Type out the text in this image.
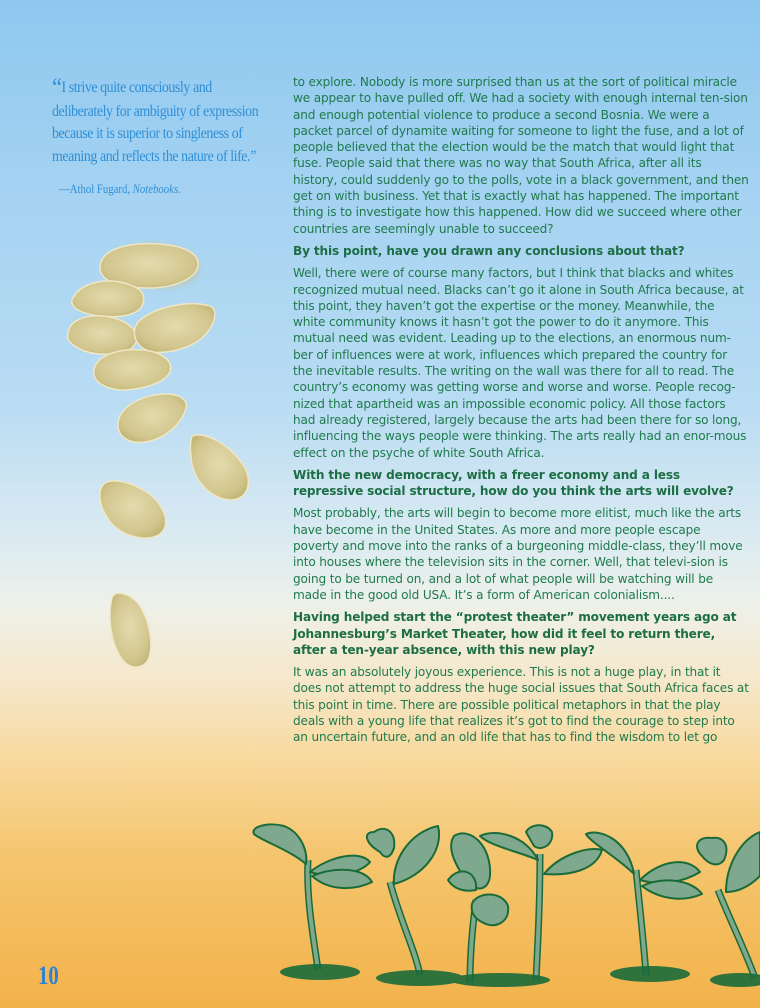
“I strive quite consciously and deliberately for ambiguity of expression because it is superior to singleness of meaning and reflects the nature of life.”
—Athol Fugard, Notebooks.

to explore. Nobody is more surprised than us at the sort of political miracle we appear to have pulled off. We had a society with enough internal ten-sion and enough potential violence to produce a second Bosnia. We were a packet parcel of dynamite waiting for someone to light the fuse, and a lot of people believed that the election would be the match that would light that fuse. People said that there was no way that South Africa, after all its history, could suddenly go to the polls, vote in a black government, and then get on with business. Yet that is exactly what has happened. The important thing is to investigate how this happened. How did we succeed where other countries are seemingly unable to succeed?

By this point, have you drawn any conclusions about that?

Well, there were of course many factors, but I think that blacks and whites recognized mutual need. Blacks can’t go it alone in South Africa because, at this point, they haven’t got the expertise or the money. Meanwhile, the white community knows it hasn’t got the power to do it anymore. This mutual need was evident. Leading up to the elections, an enormous num-ber of influences were at work, influences which prepared the country for the inevitable results. The writing on the wall was there for all to read. The country’s economy was getting worse and worse and worse. People recog-nized that apartheid was an impossible economic policy. All those factors had already registered, largely because the arts had been there for so long, influencing the ways people were thinking. The arts really had an enor-mous effect on the psyche of white South Africa.

With the new democracy, with a freer economy and a less repressive social structure, how do you think the arts will evolve?

Most probably, the arts will begin to become more elitist, much like the arts have become in the United States. As more and more people escape poverty and move into the ranks of a burgeoning middle-class, they’ll move into houses where the television sits in the corner. Well, that televi-sion is going to be turned on, and a lot of what people will be watching will be made in the good old USA. It’s a form of American colonialism....

Having helped start the “protest theater” movement years ago at Johannesburg’s Market Theater, how did it feel to return there, after a ten-year absence, with this new play?

It was an absolutely joyous experience. This is not a huge play, in that it does not attempt to address the huge social issues that South Africa faces at this point in time. There are possible political metaphors in that the play deals with a young life that realizes it’s got to find the courage to step into an uncertain future, and an old life that has to find the wisdom to let go

10
